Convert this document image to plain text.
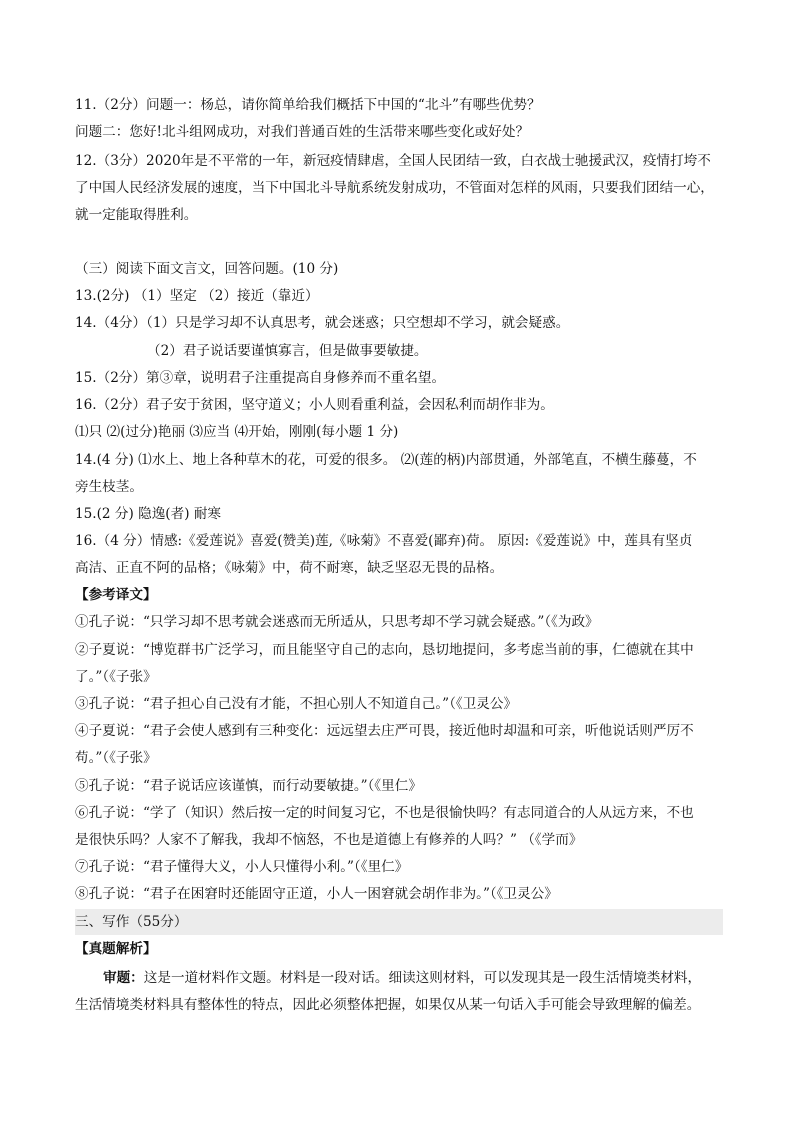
11.（2分）问题一：杨总，请你简单给我们概括下中国的“北斗”有哪些优势？
问题二：您好!北斗组网成功，对我们普通百姓的生活带来哪些变化或好处？
12.（3分）2020年是不平常的一年，新冠疫情肆虐，全国人民团结一致，白衣战士驰援武汉，疫情打垮不
了中国人民经济发展的速度，当下中国北斗导航系统发射成功，不管面对怎样的风雨，只要我们团结一心，
就一定能取得胜利。
（三）阅读下面文言文，回答问题。(10 分)
13.(2分) （1）坚定 （2）接近（靠近）
14.（4分）（1）只是学习却不认真思考，就会迷惑；只空想却不学习，就会疑惑。
（2）君子说话要谨慎寡言，但是做事要敏捷。
15.（2分）第③章，说明君子注重提高自身修养而不重名望。
16.（2分）君子安于贫困，坚守道义；小人则看重利益，会因私利而胡作非为。
⑴只 ⑵(过分)艳丽 ⑶应当 ⑷开始，刚刚(每小题 1 分)
14.(4 分) ⑴水上、地上各种草木的花，可爱的很多。 ⑵(莲的柄)内部贯通，外部笔直，不横生藤蔓，不
旁生枝茎。
15.(2 分) 隐逸(者) 耐寒
16.（4 分）情感:《爱莲说》喜爱(赞美)莲,《咏菊》不喜爱(鄙弃)荷。 原因:《爱莲说》中，莲具有坚贞
高洁、正直不阿的品格；《咏菊》中，荷不耐寒，缺乏坚忍无畏的品格。
【参考译文】
①孔子说：“只学习却不思考就会迷惑而无所适从，只思考却不学习就会疑惑。”（《为政》
②子夏说：“博览群书广泛学习，而且能坚守自己的志向，恳切地提问，多考虑当前的事，仁德就在其中
了。”（《子张》
③孔子说：“君子担心自己没有才能，不担心别人不知道自己。”（《卫灵公》
④子夏说：“君子会使人感到有三种变化：远远望去庄严可畏，接近他时却温和可亲，听他说话则严厉不
苟。”（《子张》
⑤孔子说：“君子说话应该谨慎，而行动要敏捷。”（《里仁》
⑥孔子说：“学了（知识）然后按一定的时间复习它，不也是很愉快吗？有志同道合的人从远方来，不也
是很快乐吗？人家不了解我，我却不恼怒，不也是道德上有修养的人吗？” （《学而》
⑦孔子说：“君子懂得大义，小人只懂得小利。”（《里仁》
⑧孔子说：“君子在困窘时还能固守正道，小人一困窘就会胡作非为。”（《卫灵公》
三、写作（55分）
【真题解析】
审题：这是一道材料作文题。材料是一段对话。细读这则材料，可以发现其是一段生活情境类材料，
生活情境类材料具有整体性的特点，因此必须整体把握，如果仅从某一句话入手可能会导致理解的偏差。
